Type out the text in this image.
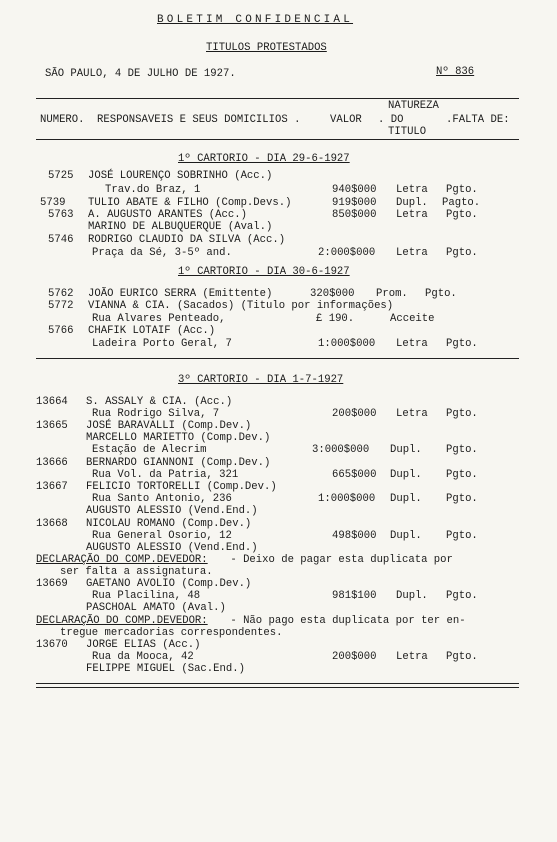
BOLETIM CONFIDENCIAL
TITULOS PROTESTADOS
SÃO PAULO, 4 DE JULHO DE 1927.	Nº 836
NUMERO. RESPONSAVEIS E SEUS DOMICILIOS .	VALOR
NATUREZA
. DO
TITULO
.FALTA DE:
1º CARTORIO - DIA 29-6-1927
5725 JOSÉ LOURENÇO SOBRINHO (Acc.)
Trav.do Braz, 1	940$000 Letra Pgto.
5739 TULIO ABATE & FILHO (Comp.Devs.)	919$000 Dupl. Pagto.
5763 A. AUGUSTO ARANTES (Acc.)	850$000 Letra Pgto.
MARINO DE ALBUQUERQUE (Aval.)
5746 RODRIGO CLAUDIO DA SILVA (Acc.)
Praça da Sé, 3-5º and.	2:000$000 Letra Pgto.
1º CARTORIO - DIA 30-6-1927
5762 JOÃO EURICO SERRA (Emittente)	320$000 Prom. Pgto.
5772 VIANNA & CIA. (Sacados) (Titulo por informações)
Rua Alvares Penteado,	£ 190.	Acceite
5766 CHAFIK LOTAIF (Acc.)
Ladeira Porto Geral, 7	1:000$000 Letra Pgto.
3º CARTORIO - DIA 1-7-1927
13664 S. ASSALY & CIA. (Acc.)
Rua Rodrigo Silva, 7	200$000 Letra Pgto.
13665 JOSÉ BARAVALLI (Comp.Dev.)
MARCELLO MARIETTO (Comp.Dev.)
Estação de Alecrim	3:000$000 Dupl. Pgto.
13666 BERNARDO GIANNONI (Comp.Dev.)
Rua Vol. da Patria, 321	665$000 Dupl. Pgto.
13667 FELICIO TORTORELLI (Comp.Dev.)
Rua Santo Antonio, 236	1:000$000 Dupl. Pgto.
AUGUSTO ALESSIO (Vend.End.)
13668 NICOLAU ROMANO (Comp.Dev.)
Rua General Osorio, 12	498$000 Dupl. Pgto.
AUGUSTO ALESSIO (Vend.End.)
DECLARAÇÃO DO COMP.DEVEDOR: - Deixo de pagar esta duplicata por
ser falta a assignatura.
13669 GAETANO AVOLIO (Comp.Dev.)
Rua Placilina, 48	981$100 Dupl. Pgto.
PASCHOAL AMATO (Aval.)
DECLARAÇÃO DO COMP.DEVEDOR: - Não pago esta duplicata por ter en-
tregue mercadorias correspondentes.
13670 JORGE ELIAS (Acc.)
Rua da Mooca, 42	200$000 Letra Pgto.
FELIPPE MIGUEL (Sac.End.)
